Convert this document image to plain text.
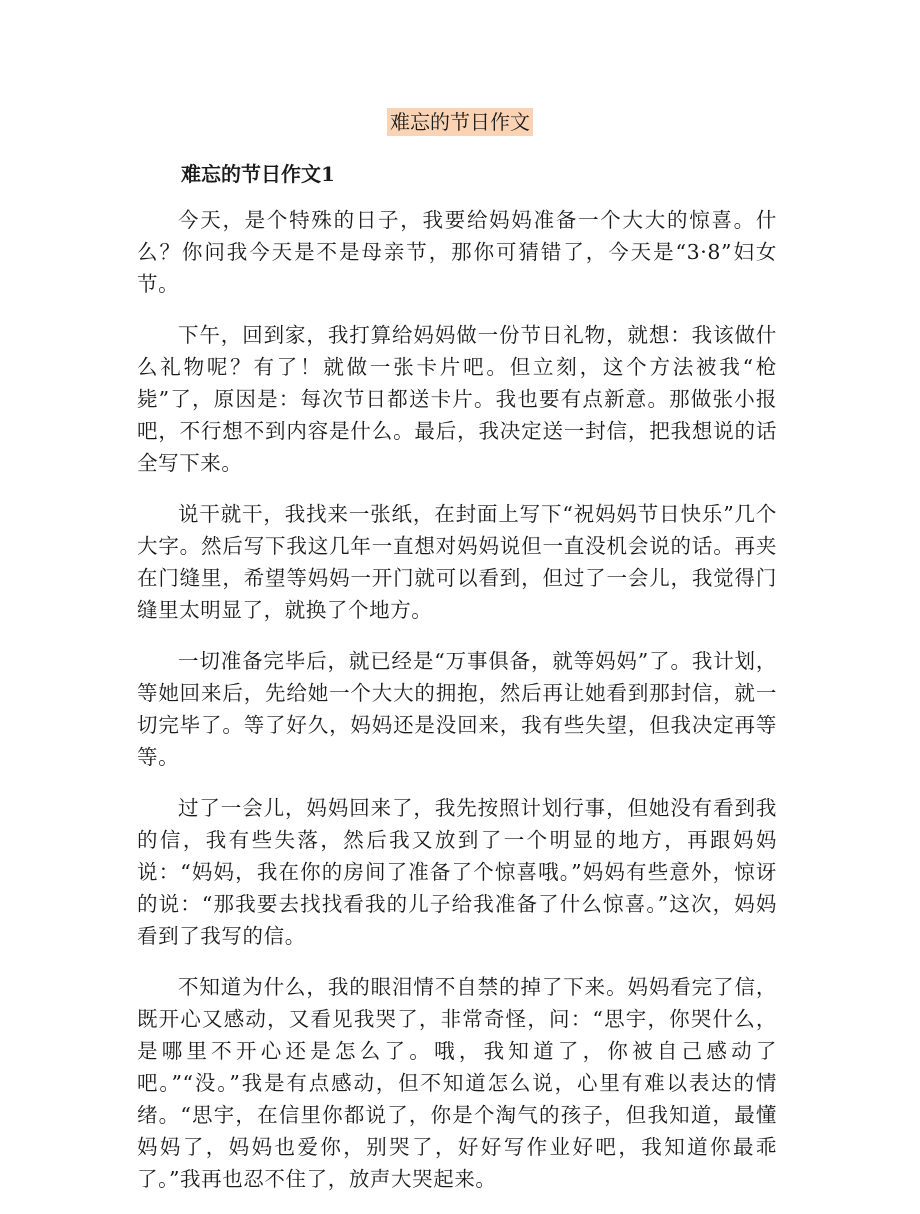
难忘的节日作文
难忘的节日作文1

今天，是个特殊的日子，我要给妈妈准备一个大大的惊喜。什么？你问我今天是不是母亲节，那你可猜错了，今天是“3·8”妇女节。

下午，回到家，我打算给妈妈做一份节日礼物，就想：我该做什么礼物呢？有了！就做一张卡片吧。但立刻，这个方法被我“枪毙”了，原因是：每次节日都送卡片。我也要有点新意。那做张小报吧，不行想不到内容是什么。最后，我决定送一封信，把我想说的话全写下来。

说干就干，我找来一张纸，在封面上写下“祝妈妈节日快乐”几个大字。然后写下我这几年一直想对妈妈说但一直没机会说的话。再夹在门缝里，希望等妈妈一开门就可以看到，但过了一会儿，我觉得门缝里太明显了，就换了个地方。

一切准备完毕后，就已经是“万事俱备，就等妈妈”了。我计划，等她回来后，先给她一个大大的拥抱，然后再让她看到那封信，就一切完毕了。等了好久，妈妈还是没回来，我有些失望，但我决定再等等。

过了一会儿，妈妈回来了，我先按照计划行事，但她没有看到我的信，我有些失落，然后我又放到了一个明显的地方，再跟妈妈说：“妈妈，我在你的房间了准备了个惊喜哦。”妈妈有些意外，惊讶的说：“那我要去找找看我的儿子给我准备了什么惊喜。”这次，妈妈看到了我写的信。

不知道为什么，我的眼泪情不自禁的掉了下来。妈妈看完了信，既开心又感动，又看见我哭了，非常奇怪，问：“思宇，你哭什么，是哪里不开心还是怎么了。哦，我知道了，你被自己感动了吧。”“没。”我是有点感动，但不知道怎么说，心里有难以表达的情绪。“思宇，在信里你都说了，你是个淘气的孩子，但我知道，最懂妈妈了，妈妈也爱你，别哭了，好好写作业好吧，我知道你最乖了。”我再也忍不住了，放声大哭起来。
